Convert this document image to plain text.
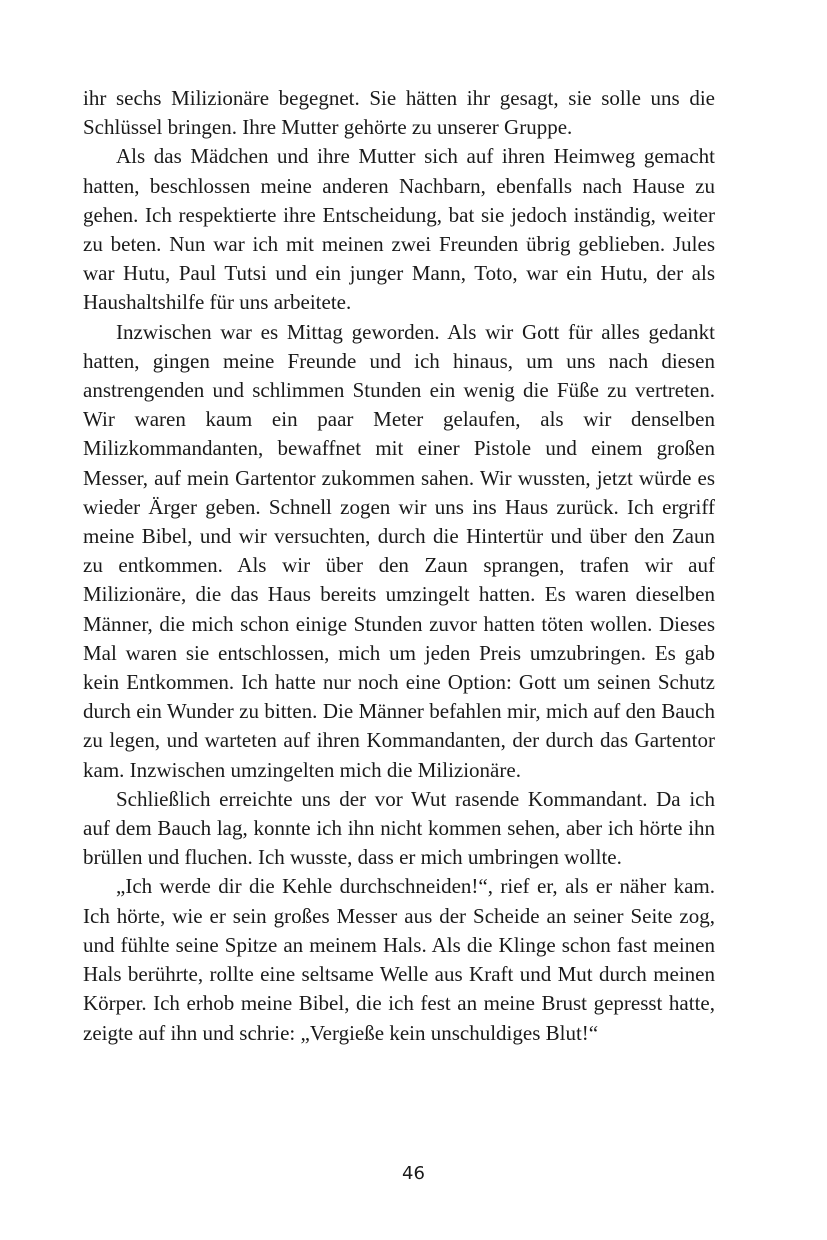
ihr sechs Milizionäre begegnet. Sie hätten ihr gesagt, sie solle uns die Schlüssel bringen. Ihre Mutter gehörte zu unserer Gruppe.

Als das Mädchen und ihre Mutter sich auf ihren Heimweg gemacht hatten, beschlossen meine anderen Nachbarn, ebenfalls nach Hause zu gehen. Ich respektierte ihre Entscheidung, bat sie jedoch inständig, weiter zu beten. Nun war ich mit meinen zwei Freunden übrig geblieben. Jules war Hutu, Paul Tutsi und ein junger Mann, Toto, war ein Hutu, der als Haushaltshilfe für uns arbeitete.

Inzwischen war es Mittag geworden. Als wir Gott für alles gedankt hatten, gingen meine Freunde und ich hinaus, um uns nach diesen anstrengenden und schlimmen Stunden ein wenig die Füße zu vertreten. Wir waren kaum ein paar Meter gelaufen, als wir denselben Milizkommandanten, bewaffnet mit einer Pistole und einem großen Messer, auf mein Gartentor zukommen sahen. Wir wussten, jetzt würde es wieder Ärger geben. Schnell zogen wir uns ins Haus zurück. Ich ergriff meine Bibel, und wir versuchten, durch die Hintertür und über den Zaun zu entkommen. Als wir über den Zaun sprangen, trafen wir auf Milizionäre, die das Haus bereits umzingelt hatten. Es waren dieselben Männer, die mich schon einige Stunden zuvor hatten töten wollen. Dieses Mal waren sie entschlossen, mich um jeden Preis umzubringen. Es gab kein Entkommen. Ich hatte nur noch eine Option: Gott um seinen Schutz durch ein Wunder zu bitten. Die Männer befahlen mir, mich auf den Bauch zu legen, und warteten auf ihren Kommandanten, der durch das Gartentor kam. Inzwischen umzingelten mich die Milizionäre.

Schließlich erreichte uns der vor Wut rasende Kommandant. Da ich auf dem Bauch lag, konnte ich ihn nicht kommen sehen, aber ich hörte ihn brüllen und fluchen. Ich wusste, dass er mich umbringen wollte.

„Ich werde dir die Kehle durchschneiden!“, rief er, als er näher kam. Ich hörte, wie er sein großes Messer aus der Scheide an seiner Seite zog, und fühlte seine Spitze an meinem Hals. Als die Klinge schon fast meinen Hals berührte, rollte eine seltsame Welle aus Kraft und Mut durch meinen Körper. Ich erhob meine Bibel, die ich fest an meine Brust gepresst hatte, zeigte auf ihn und schrie: „Vergieße kein unschuldiges Blut!“

46
